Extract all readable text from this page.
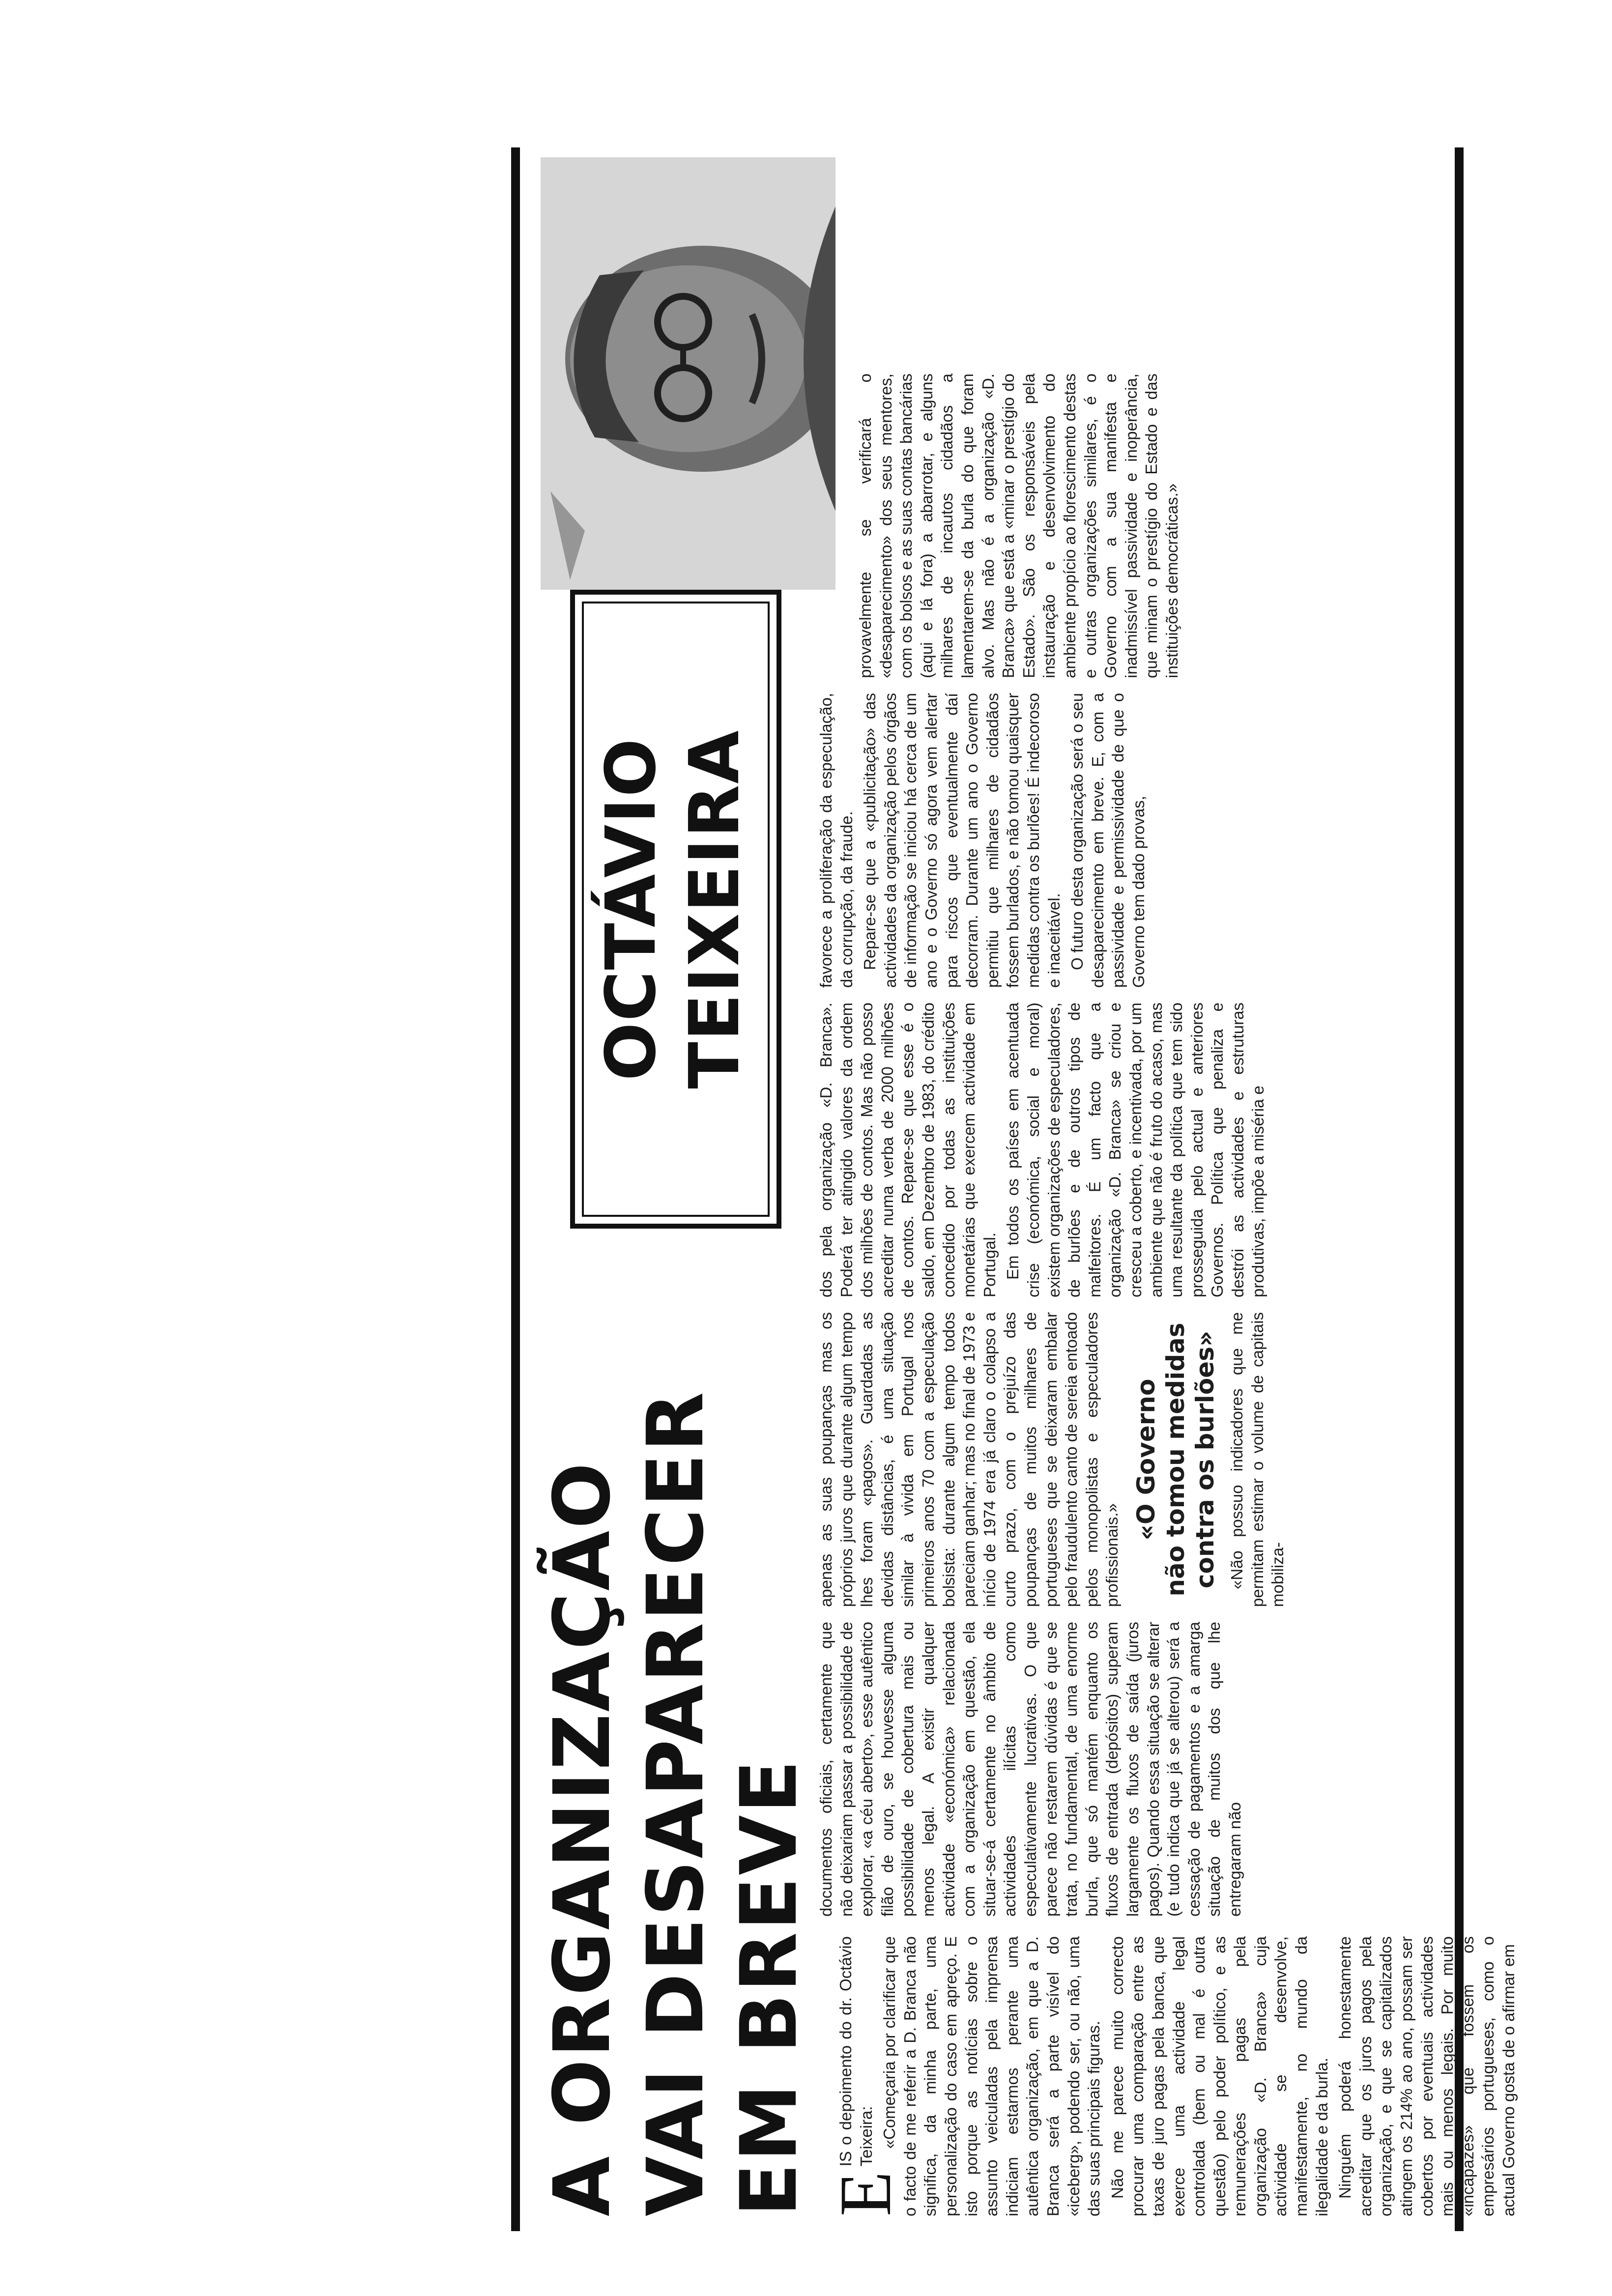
A ORGANIZAÇÃO VAI DESAPARECER EM BREVE
OCTÁVIO TEIXEIRA

E
IS o depoimento do dr. Octávio Teixeira: «Começaria por clarificar que o facto de me referir a D. Branca não significa, da minha parte, uma personalização do caso em apreço. E isto porque as notícias sobre o assunto veiculadas pela imprensa indiciam estarmos perante uma autêntica organização, em que a D. Branca será a parte visível do «iceberg», podendo ser, ou não, uma das suas principais figuras. Não me parece muito correcto procurar uma comparação entre as taxas de juro pagas pela banca, que exerce uma actividade legal controlada (bem ou mal é outra questão) pelo poder político, e as remunerações pagas pela organização «D. Branca» cuja actividade se desenvolve, manifestamente, no mundo da ilegalidade e da burla. Ninguém poderá honestamente acreditar que os juros pagos pela organização, e que se capitalizados atingem os 214% ao ano, possam ser cobertos por eventuais actividades mais ou menos legais. Por muito «incapazes» que fossem os empresários portugueses, como o actual Governo gosta de o afirmar em

documentos oficiais, certamente que não deixariam passar a possibilidade de explorar, «a céu aberto», esse autêntico filão de ouro, se houvesse alguma possibilidade de cobertura mais ou menos legal. A existir qualquer actividade «económica» relacionada com a organização em questão, ela situar-se-á certamente no âmbito de actividades ilícitas como especulativamente lucrativas. O que parece não restarem dúvidas é que se trata, no fundamental, de uma enorme burla, que só mantém enquanto os fluxos de entrada (depósitos) superam largamente os fluxos de saída (juros pagos). Quando essa situação se alterar (e tudo indica que já se alterou) será a cessação de pagamentos e a amarga situação de muitos dos que lhe entregaram não

apenas as suas poupanças mas os próprios juros que durante algum tempo lhes foram «pagos». Guardadas as devidas distâncias, é uma situação similar à vivida em Portugal nos primeiros anos 70 com a especulação bolsista: durante algum tempo todos pareciam ganhar; mas no final de 1973 e início de 1974 era já claro o colapso a curto prazo, com o prejuízo das poupanças de muitos milhares de portugueses que se deixaram embalar pelo fraudulento canto de sereia entoado pelos monopolistas e especuladores profissionais.»

«O Governo não tomou medidas contra os burlões» «Não possuo indicadores que me permitam estimar o volume de capitais mobiliza-

dos pela organização «D. Branca». Poderá ter atingido valores da ordem dos milhões de contos. Mas não posso acreditar numa verba de 2000 milhões de contos. Repare-se que esse é o saldo, em Dezembro de 1983, do crédito concedido por todas as instituições monetárias que exercem actividade em Portugal. Em todos os países em acentuada crise (económica, social e moral) existem organizações de especuladores, de burlões e de outros tipos de malfeitores. É um facto que a organização «D. Branca» se criou e cresceu a coberto, e incentivada, por um ambiente que não é fruto do acaso, mas uma resultante da política que tem sido prosseguida pelo actual e anteriores Governos. Política que penaliza e destrói as actividades e estruturas produtivas, impõe a miséria e

favorece a proliferação da especulação, da corrupção, da fraude. Repare-se que a «publicitação» das actividades da organização pelos órgãos de informação se iniciou há cerca de um ano e o Governo só agora vem alertar para riscos que eventualmente daí decorram. Durante um ano o Governo permitiu que milhares de cidadãos fossem burlados, e não tomou quaisquer medidas contra os burlões! É indecoroso e inaceitável. O futuro desta organização será o seu desaparecimento em breve. E, com a passividade e permissividade de que o Governo tem dado provas,

provavelmente se verificará o «desaparecimento» dos seus mentores, com os bolsos e as suas contas bancárias (aqui e lá fora) a abarrotar, e alguns milhares de incautos cidadãos a lamentarem-se da burla do que foram alvo. Mas não é a organização «D. Branca» que está a «minar o prestígio do Estado». São os responsáveis pela instauração e desenvolvimento do ambiente propício ao florescimento destas e outras organizações similares, é o Governo com a sua manifesta e inadmissível passividade e inoperância, que minam o prestígio do Estado e das instituições democráticas.»
